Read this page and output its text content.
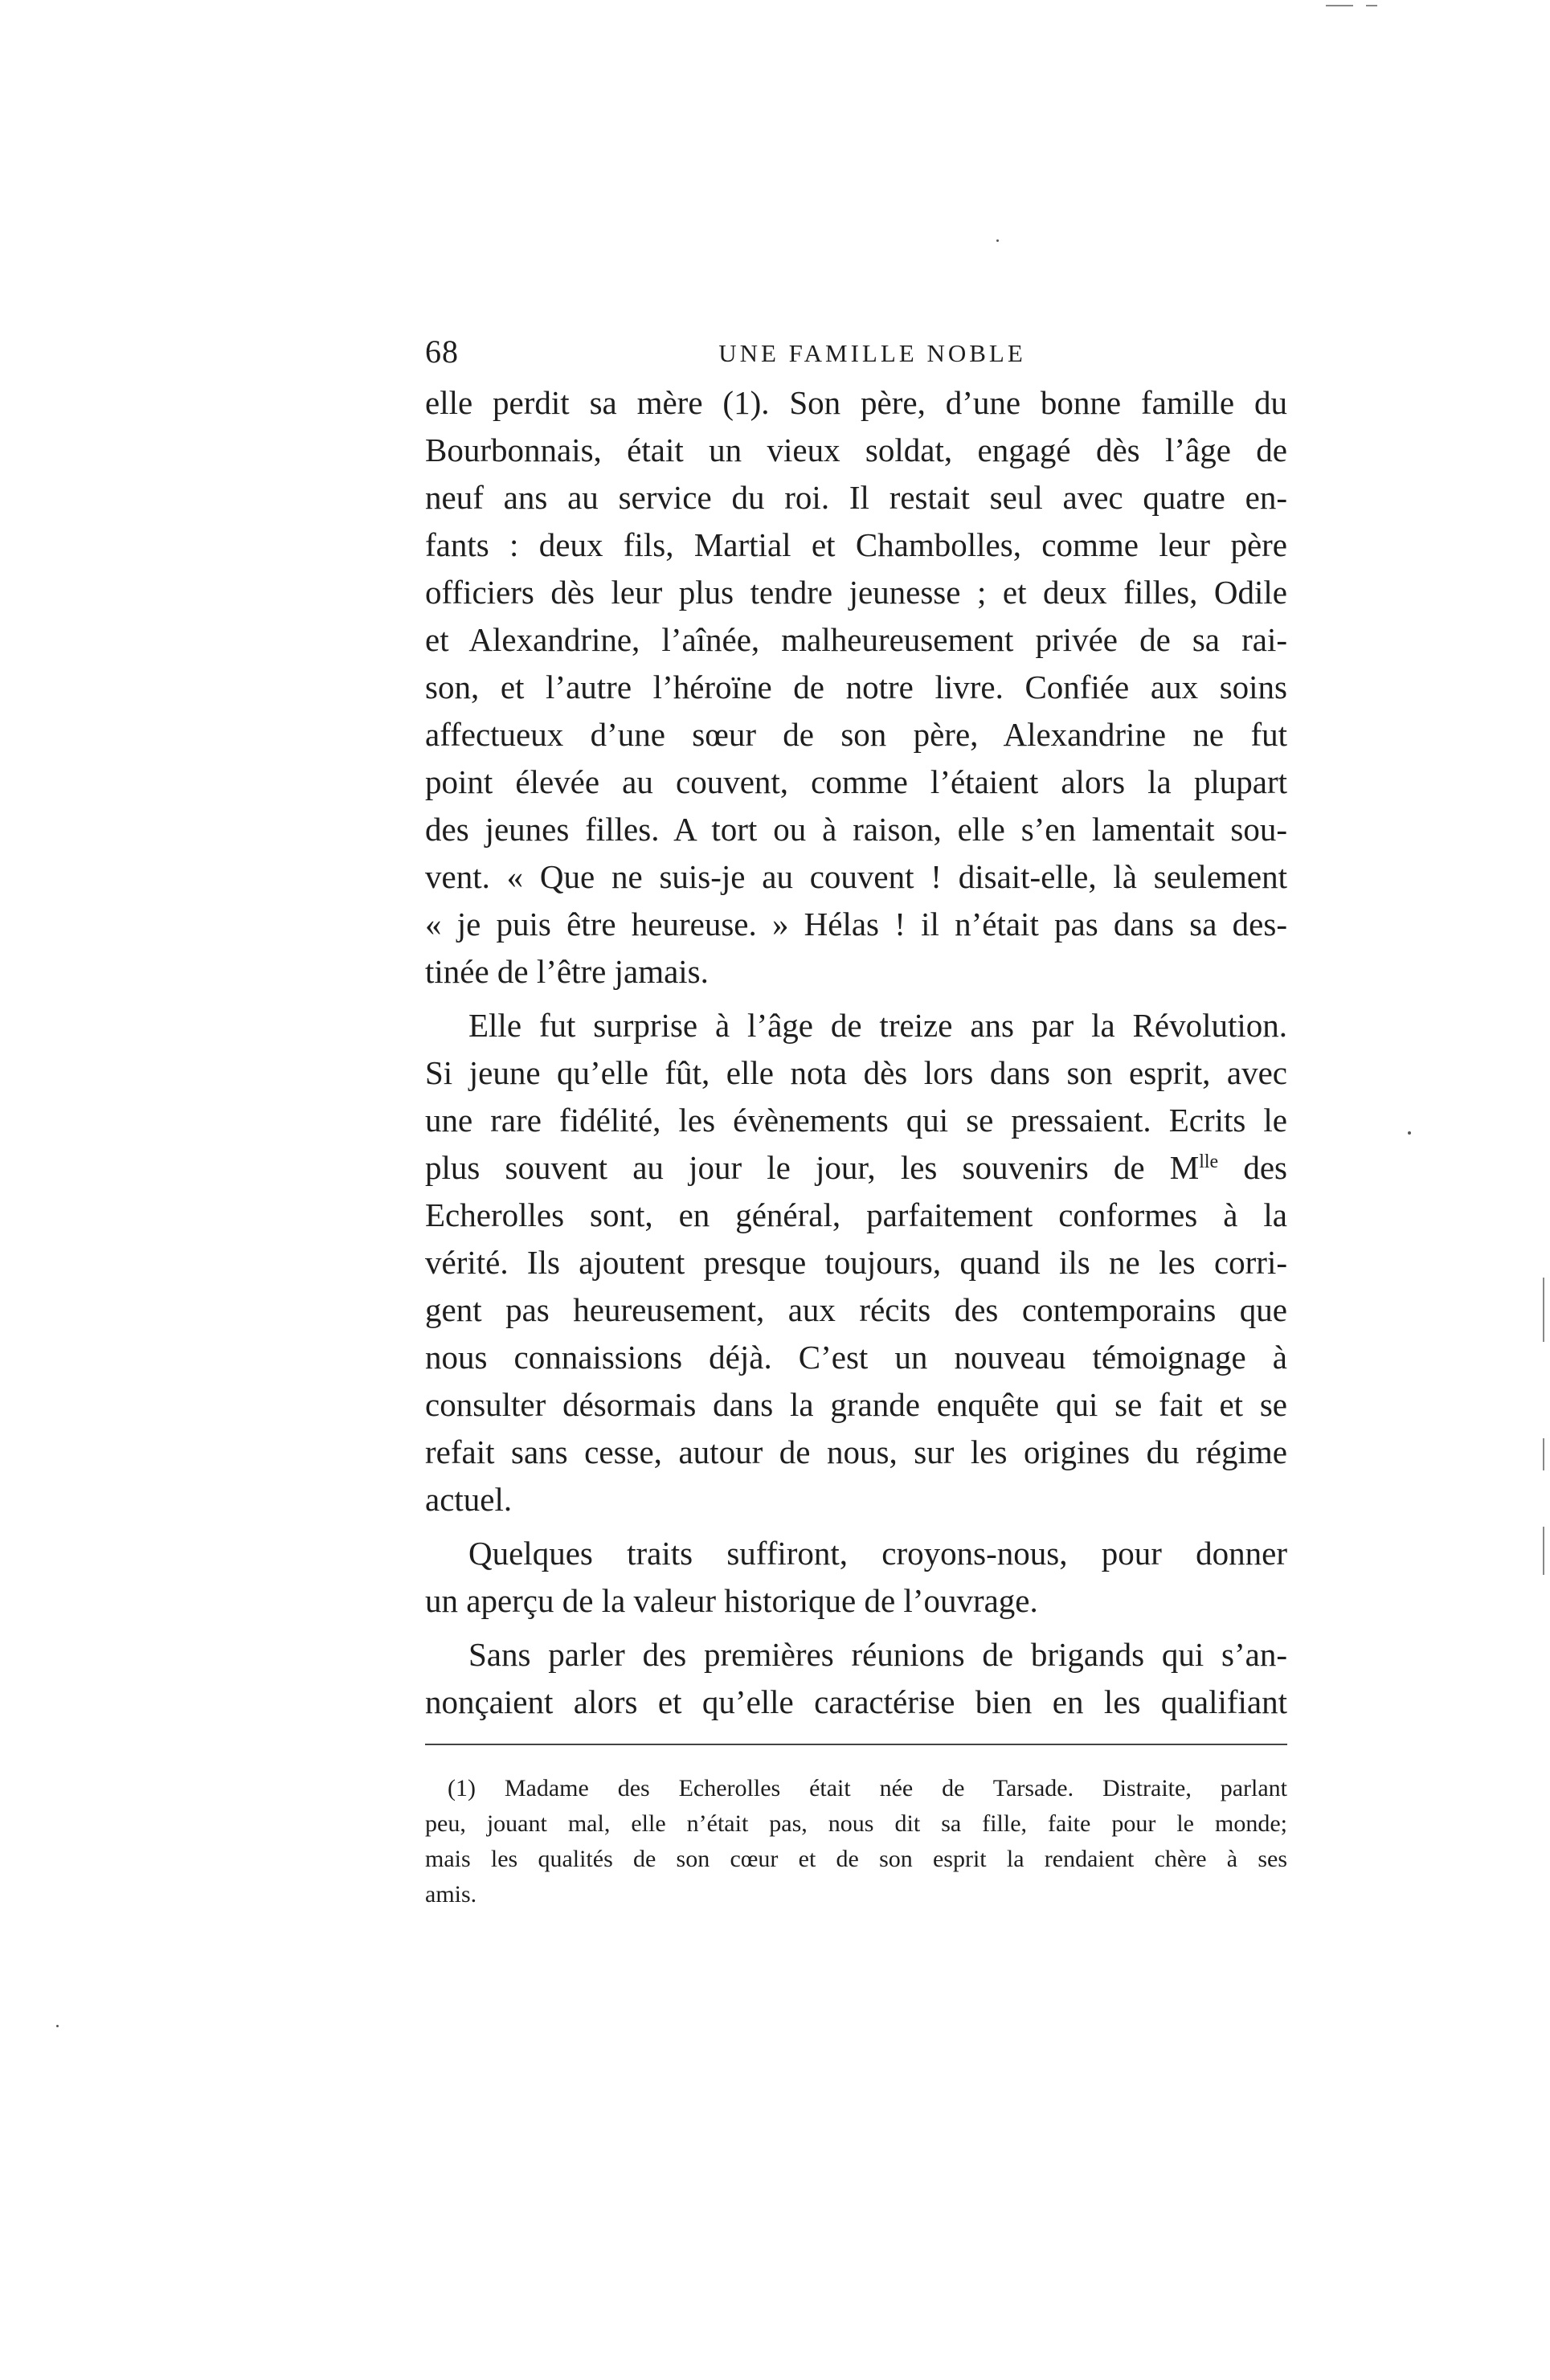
68	UNE FAMILLE NOBLE
elle perdit sa mère (1). Son père, d’une bonne famille du
Bourbonnais, était un vieux soldat, engagé dès l’âge de
neuf ans au service du roi. Il restait seul avec quatre en-
fants : deux fils, Martial et Chambolles, comme leur père
officiers dès leur plus tendre jeunesse ; et deux filles, Odile
et Alexandrine, l’aînée, malheureusement privée de sa rai-
son, et l’autre l’héroïne de notre livre. Confiée aux soins
affectueux d’une sœur de son père, Alexandrine ne fut
point élevée au couvent, comme l’étaient alors la plupart
des jeunes filles. A tort ou à raison, elle s’en lamentait sou-
vent. « Que ne suis-je au couvent ! disait-elle, là seulement
« je puis être heureuse. » Hélas ! il n’était pas dans sa des-
tinée de l’être jamais.
Elle fut surprise à l’âge de treize ans par la Révolution.
Si jeune qu’elle fût, elle nota dès lors dans son esprit, avec
une rare fidélité, les évènements qui se pressaient. Ecrits le
plus souvent au jour le jour, les souvenirs de $M^{lle}$ des
Echerolles sont, en général, parfaitement conformes à la
vérité. Ils ajoutent presque toujours, quand ils ne les corri-
gent pas heureusement, aux récits des contemporains que
nous connaissions déjà. C’est un nouveau témoignage à
consulter désormais dans la grande enquête qui se fait et se
refait sans cesse, autour de nous, sur les origines du régime
actuel.
Quelques traits suffiront, croyons-nous, pour donner
un aperçu de la valeur historique de l’ouvrage.
Sans parler des premières réunions de brigands qui s’an-
nonçaient alors et qu’elle caractérise bien en les qualifiant
(1) Madame des Echerolles était née de Tarsade. Distraite, parlant
peu, jouant mal, elle n’était pas, nous dit sa fille, faite pour le monde;
mais les qualités de son cœur et de son esprit la rendaient chère à ses
amis.
